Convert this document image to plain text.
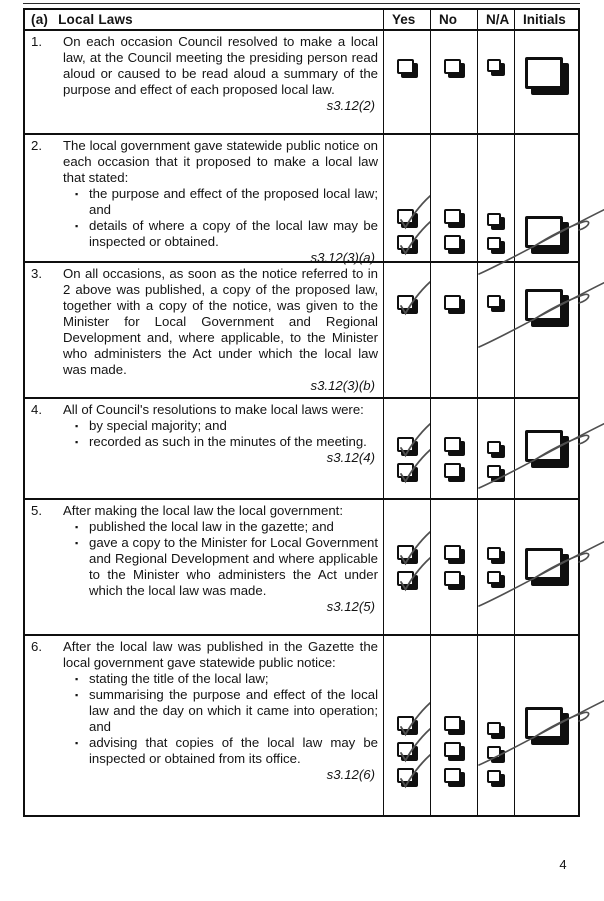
(a) Local Laws	Yes	No	N/A	Initials
1.	On each occasion Council resolved to make a local law, at the Council meeting the presiding person read aloud or caused to be read aloud a summary of the purpose and effect of each proposed local law.

s3.12(2)
2.	The local government gave statewide public notice on each occasion that it proposed to make a local law that stated:

▪ the purpose and effect of the proposed local law; and
▪ details of where a copy of the local law may be inspected or obtained.
s3.12(3)(a)
3.	On all occasions, as soon as the notice referred to in 2 above was published, a copy of the proposed law, together with a copy of the notice, was given to the Minister for Local Government and Regional Development and, where applicable, to the Minister who administers the Act under which the local law was made.

s3.12(3)(b)
4.	All of Council's resolutions to make local laws were:

▪ by special majority; and
▪ recorded as such in the minutes of the meeting.
s3.12(4)
5.	After making the local law the local government:

▪ published the local law in the gazette; and
▪ gave a copy to the Minister for Local Government and Regional Development and where applicable to the Minister who administers the Act under which the local law was made.
s3.12(5)
6.	After the local law was published in the Gazette the local government gave statewide public notice:

▪ stating the title of the local law;
▪ summarising the purpose and effect of the local law and the day on which it came into operation; and
▪ advising that copies of the local law may be inspected or obtained from its office.
s3.12(6)
4
